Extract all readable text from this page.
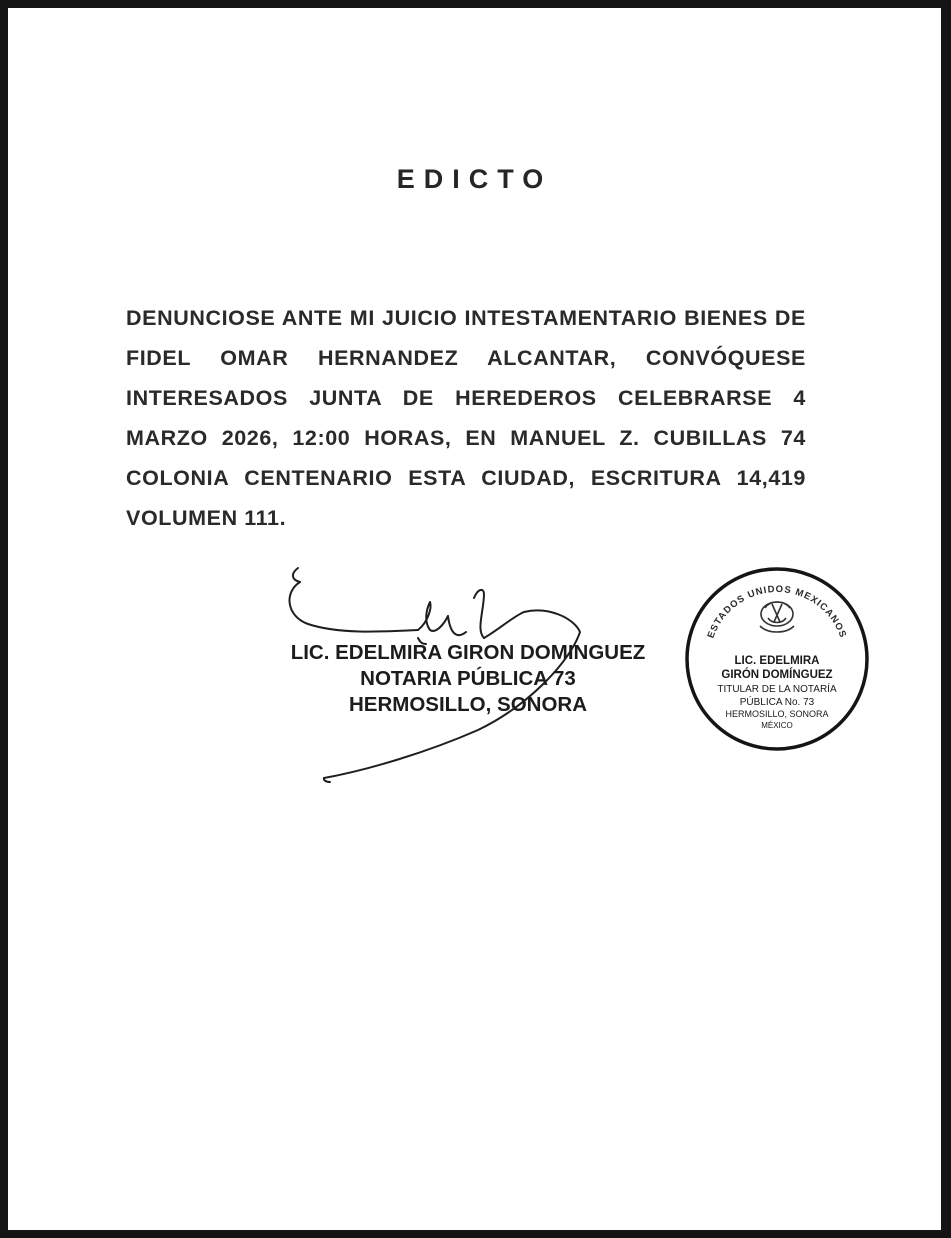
EDICTO

DENUNCIOSE ANTE MI JUICIO INTESTAMENTARIO BIENES DE FIDEL OMAR HERNANDEZ ALCANTAR, CONVÓQUESE INTERESADOS JUNTA DE HEREDEROS CELEBRARSE 4 MARZO 2026, 12:00 HORAS, EN MANUEL Z. CUBILLAS 74 COLONIA CENTENARIO ESTA CIUDAD, ESCRITURA 14,419 VOLUMEN 111.

LIC. EDELMIRA GIRON DOMINGUEZ
NOTARIA PÚBLICA 73
HERMOSILLO, SONORA
ESTADOS UNIDOS MEXICANOS
LIC. EDELMIRA
GIRÓN DOMÍNGUEZ
TITULAR DE LA NOTARÍA
PÚBLICA No. 73
HERMOSILLO, SONORA
MÉXICO
